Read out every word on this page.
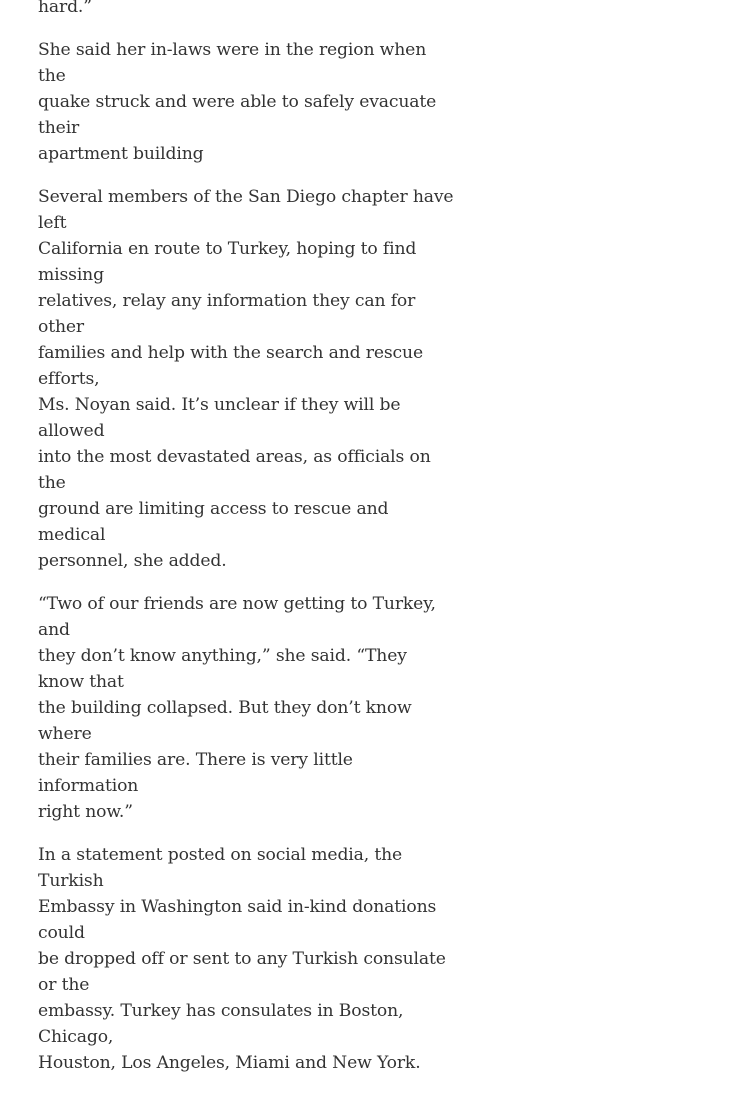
hard.”

She said her in-laws were in the region when the
quake struck and were able to safely evacuate their
apartment building

Several members of the San Diego chapter have left
California en route to Turkey, hoping to find missing
relatives, relay any information they can for other
families and help with the search and rescue efforts,
Ms. Noyan said. It’s unclear if they will be allowed
into the most devastated areas, as officials on the
ground are limiting access to rescue and medical
personnel, she added.

“Two of our friends are now getting to Turkey, and
they don’t know anything,” she said. “They know that
the building collapsed. But they don’t know where
their families are. There is very little information
right now.”

In a statement posted on social media, the Turkish
Embassy in Washington said in-kind donations could
be dropped off or sent to any Turkish consulate or the
embassy. Turkey has consulates in Boston, Chicago,
Houston, Los Angeles, Miami and New York.
